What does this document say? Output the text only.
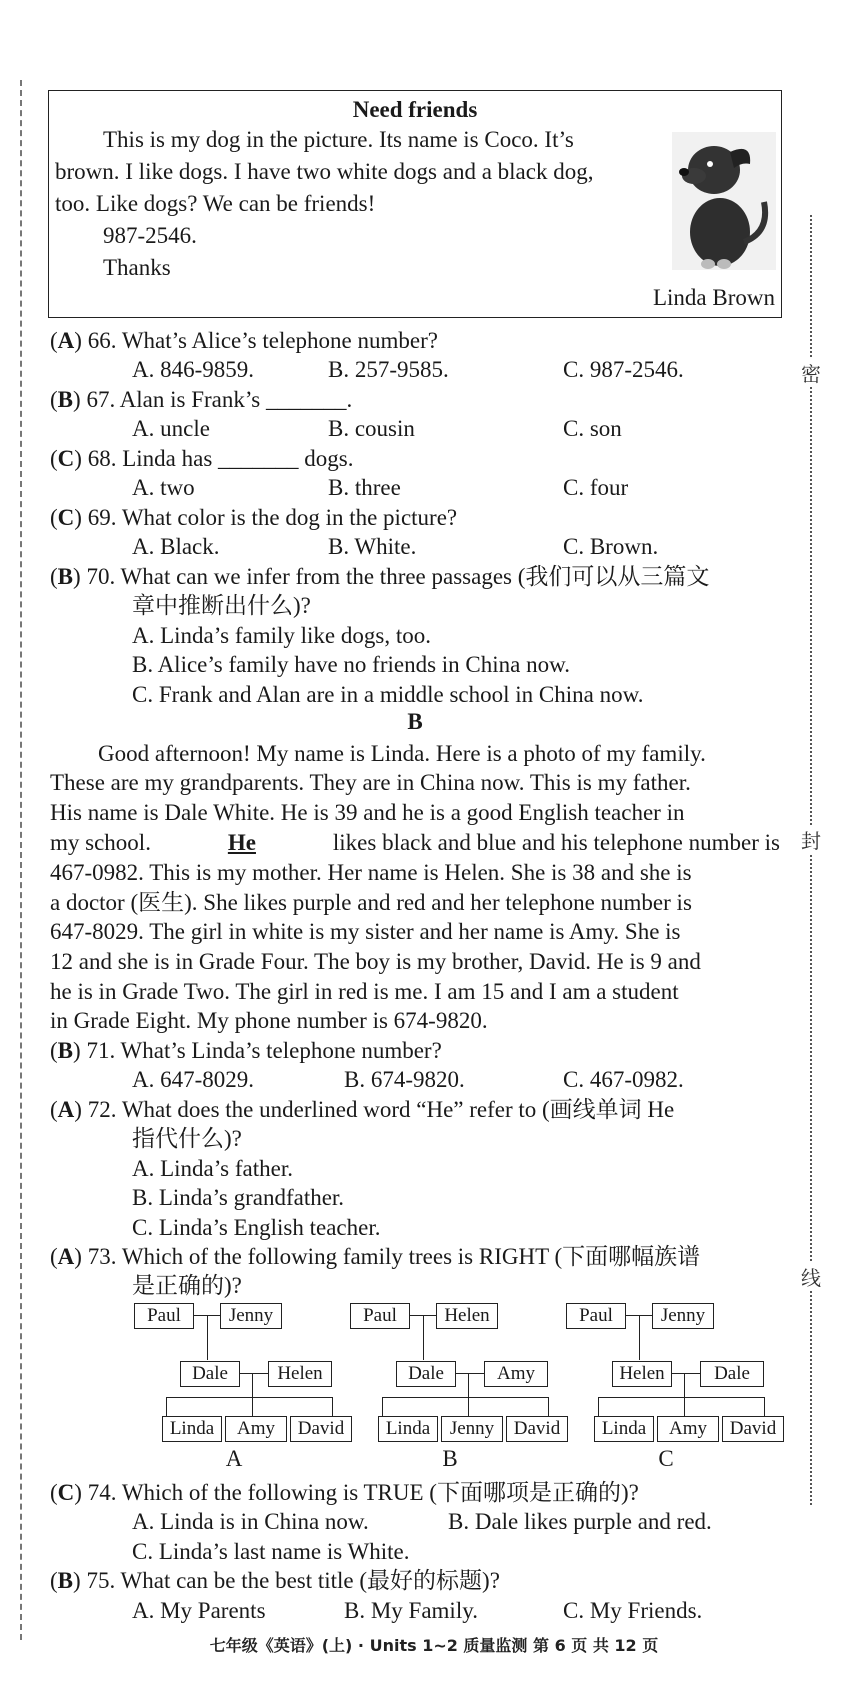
密
封
线
Need friends
This is my dog in the picture. Its name is Coco. It’s
brown. I like dogs. I have two white dogs and a black dog,
too. Like dogs? We can be friends!
987-2546.
Thanks
Linda Brown
(A) 66. What’s Alice’s telephone number?
A. 846-9859.	B. 257-9585.	C. 987-2546.
(B) 67. Alan is Frank’s _______.
A. uncle	B. cousin	C. son
(C) 68. Linda has _______ dogs.
A. two	B. three	C. four
(C) 69. What color is the dog in the picture?
A. Black.	B. White.	C. Brown.
(B) 70. What can we infer from the three passages (我们可以从三篇文
章中推断出什么)?
A. Linda’s family like dogs, too.
B. Alice’s family have no friends in China now.
C. Frank and Alan are in a middle school in China now.
B
Good afternoon! My name is Linda. Here is a photo of my family.
These are my grandparents. They are in China now. This is my father.
His name is Dale White. He is 39 and he is a good English teacher in
my school.	He	likes black and blue and his telephone number is
467-0982. This is my mother. Her name is Helen. She is 38 and she is
a doctor (医生). She likes purple and red and her telephone number is
647-8029. The girl in white is my sister and her name is Amy. She is
12 and she is in Grade Four. The boy is my brother, David. He is 9 and
he is in Grade Two. The girl in red is me. I am 15 and I am a student
in Grade Eight. My phone number is 674-9820.
(B) 71. What’s Linda’s telephone number?
A. 647-8029.	B. 674-9820.	C. 467-0982.
(A) 72. What does the underlined word “He” refer to (画线单词 He
指代什么)?
A. Linda’s father.
B. Linda’s grandfather.
C. Linda’s English teacher.
(A) 73. Which of the following family trees is RIGHT (下面哪幅族谱
是正确的)?
Paul	Jenny
Dale	Helen
Linda	Amy	David
A
Paul	Helen
Dale	Amy
Linda	Jenny	David
B
Paul	Jenny
Helen	Dale
Linda	Amy	David
C
(C) 74. Which of the following is TRUE (下面哪项是正确的)?
A. Linda is in China now.	B. Dale likes purple and red.
C. Linda’s last name is White.
(B) 75. What can be the best title (最好的标题)?
A. My Parents	B. My Family.	C. My Friends.
七年级《英语》(上) · Units 1~2 质量监测 第 6 页 共 12 页
